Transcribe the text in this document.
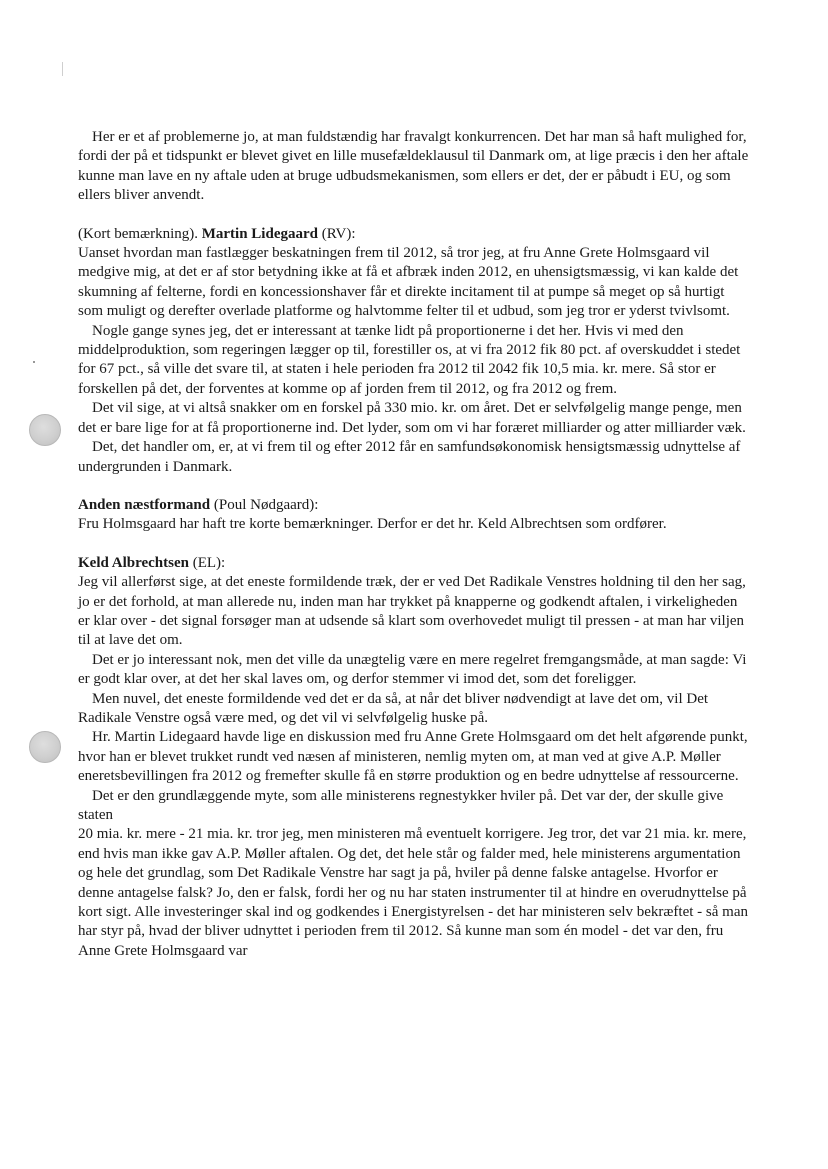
Her er et af problemerne jo, at man fuldstændig har fravalgt konkurrencen. Det har man så haft mulighed for, fordi der på et tidspunkt er blevet givet en lille musefældeklausul til Danmark om, at lige præcis i den her aftale kunne man lave en ny aftale uden at bruge udbudsmekanismen, som ellers er det, der er påbudt i EU, og som ellers bliver anvendt.

(Kort bemærkning). Martin Lidegaard (RV):

Uanset hvordan man fastlægger beskatningen frem til 2012, så tror jeg, at fru Anne Grete Holmsgaard vil medgive mig, at det er af stor betydning ikke at få et afbræk inden 2012, en uhensigtsmæssig, vi kan kalde det skumning af felterne, fordi en koncessionshaver får et direkte incitament til at pumpe så meget op så hurtigt som muligt og derefter overlade platforme og halvtomme felter til et udbud, som jeg tror er yderst tvivlsomt.

Nogle gange synes jeg, det er interessant at tænke lidt på proportionerne i det her. Hvis vi med den middelproduktion, som regeringen lægger op til, forestiller os, at vi fra 2012 fik 80 pct. af overskuddet i stedet for 67 pct., så ville det svare til, at staten i hele perioden fra 2012 til 2042 fik 10,5 mia. kr. mere. Så stor er forskellen på det, der forventes at komme op af jorden frem til 2012, og fra 2012 og frem.

Det vil sige, at vi altså snakker om en forskel på 330 mio. kr. om året. Det er selvfølgelig mange penge, men det er bare lige for at få proportionerne ind. Det lyder, som om vi har foræret milliarder og atter milliarder væk.

Det, det handler om, er, at vi frem til og efter 2012 får en samfundsøkonomisk hensigtsmæssig udnyttelse af undergrunden i Danmark.

Anden næstformand (Poul Nødgaard):

Fru Holmsgaard har haft tre korte bemærkninger. Derfor er det hr. Keld Albrechtsen som ordfører.

Keld Albrechtsen (EL):

Jeg vil allerførst sige, at det eneste formildende træk, der er ved Det Radikale Venstres holdning til den her sag, jo er det forhold, at man allerede nu, inden man har trykket på knapperne og godkendt aftalen, i virkeligheden er klar over - det signal forsøger man at udsende så klart som overhovedet muligt til pressen - at man har viljen til at lave det om.

Det er jo interessant nok, men det ville da unægtelig være en mere regelret fremgangsmåde, at man sagde: Vi er godt klar over, at det her skal laves om, og derfor stemmer vi imod det, som det foreligger.

Men nuvel, det eneste formildende ved det er da så, at når det bliver nødvendigt at lave det om, vil Det Radikale Venstre også være med, og det vil vi selvfølgelig huske på.

Hr. Martin Lidegaard havde lige en diskussion med fru Anne Grete Holmsgaard om det helt afgørende punkt, hvor han er blevet trukket rundt ved næsen af ministeren, nemlig myten om, at man ved at give A.P. Møller eneretsbevillingen fra 2012 og fremefter skulle få en større produktion og en bedre udnyttelse af ressourcerne.

Det er den grundlæggende myte, som alle ministerens regnestykker hviler på. Det var der, der skulle give staten

20 mia. kr. mere - 21 mia. kr. tror jeg, men ministeren må eventuelt korrigere. Jeg tror, det var 21 mia. kr. mere, end hvis man ikke gav A.P. Møller aftalen. Og det, det hele står og falder med, hele ministerens argumentation og hele det grundlag, som Det Radikale Venstre har sagt ja på, hviler på denne falske antagelse. Hvorfor er denne antagelse falsk? Jo, den er falsk, fordi her og nu har staten instrumenter til at hindre en overudnyttelse på kort sigt. Alle investeringer skal ind og godkendes i Energistyrelsen - det har ministeren selv bekræftet - så man har styr på, hvad der bliver udnyttet i perioden frem til 2012. Så kunne man som én model - det var den, fru Anne Grete Holmsgaard var
